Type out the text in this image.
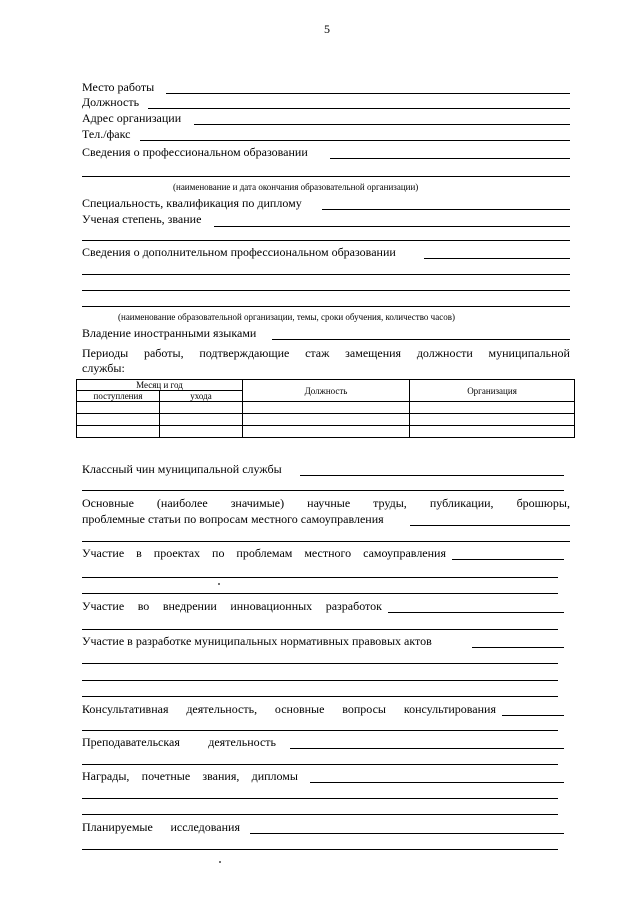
5
Место работы
Должность
Адрес организации
Тел./факс
Сведения о профессиональном образовании
(наименование и дата окончания образовательной организации)
Специальность, квалификация по диплому
Ученая степень, звание
Сведения о дополнительном профессиональном образовании
(наименование образовательной организации, темы, сроки обучения, количество часов)
Владение иностранными языками
Периоды работы, подтверждающие стаж замещения должности муниципальной
службы:
Месяц и год		Должность	Организация
поступления	ухода		

Классный чин муниципальной службы
Основные (наиболее значимые) научные труды, публикации, брошюры,
проблемные статьи по вопросам местного самоуправления
Участие в проектах по проблемам местного самоуправления
Участие во внедрении инновационных разработок
Участие в разработке муниципальных нормативных правовых актов
Консультативная деятельность, основные вопросы консультирования
Преподавательская деятельность
Награды, почетные звания, дипломы
Планируемые исследования
